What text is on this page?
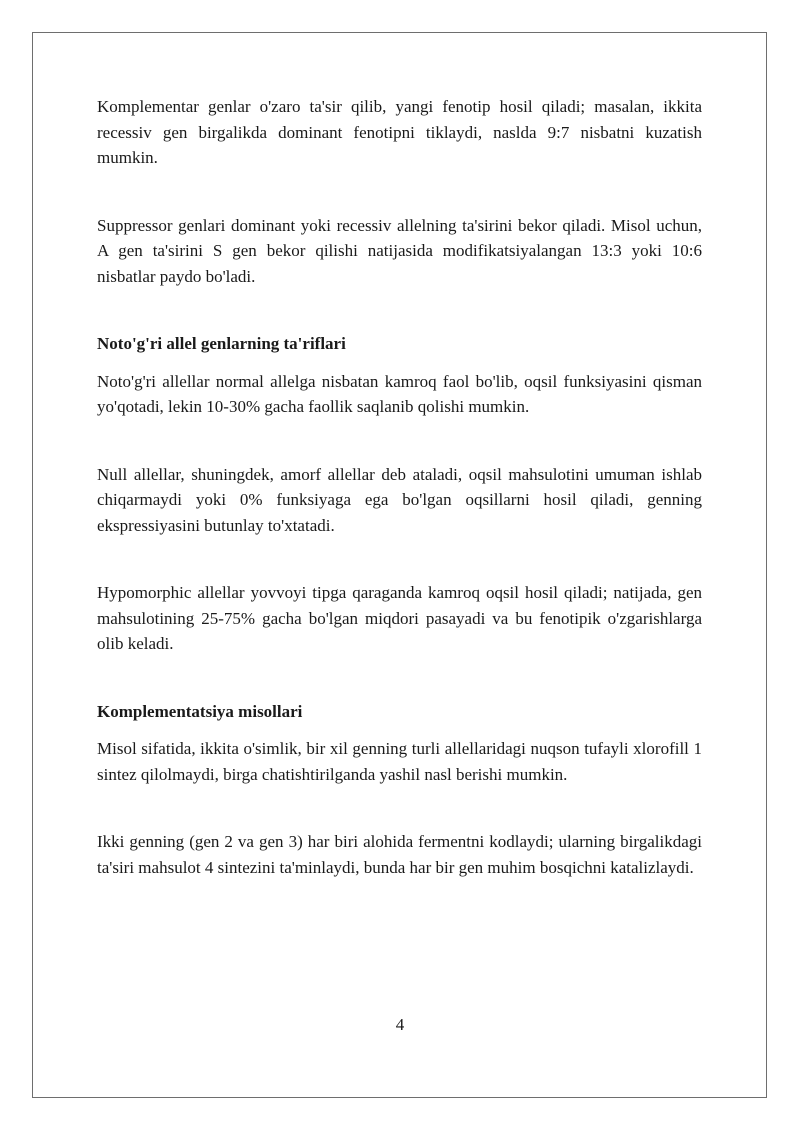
Komplementar genlar o'zaro ta'sir qilib, yangi fenotip hosil qiladi; masalan, ikkita recessiv gen birgalikda dominant fenotipni tiklaydi, naslda 9:7 nisbatni kuzatish mumkin.

Suppressor genlari dominant yoki recessiv allelning ta'sirini bekor qiladi. Misol uchun, A gen ta'sirini S gen bekor qilishi natijasida modifikatsiyalangan 13:3 yoki 10:6 nisbatlar paydo bo'ladi.

Noto'g'ri allel genlarning ta'riflari

Noto'g'ri allellar normal allelga nisbatan kamroq faol bo'lib, oqsil funksiyasini qisman yo'qotadi, lekin 10-30% gacha faollik saqlanib qolishi mumkin.

Null allellar, shuningdek, amorf allellar deb ataladi, oqsil mahsulotini umuman ishlab chiqarmaydi yoki 0% funksiyaga ega bo'lgan oqsillarni hosil qiladi, genning ekspressiyasini butunlay to'xtatadi.

Hypomorphic allellar yovvoyi tipga qaraganda kamroq oqsil hosil qiladi; natijada, gen mahsulotining 25-75% gacha bo'lgan miqdori pasayadi va bu fenotipik o'zgarishlarga olib keladi.

Komplementatsiya misollari

Misol sifatida, ikkita o'simlik, bir xil genning turli allellaridagi nuqson tufayli xlorofill 1 sintez qilolmaydi, birga chatishtirilganda yashil nasl berishi mumkin.

Ikki genning (gen 2 va gen 3) har biri alohida fermentni kodlaydi; ularning birgalikdagi ta'siri mahsulot 4 sintezini ta'minlaydi, bunda har bir gen muhim bosqichni katalizlaydi.

4
